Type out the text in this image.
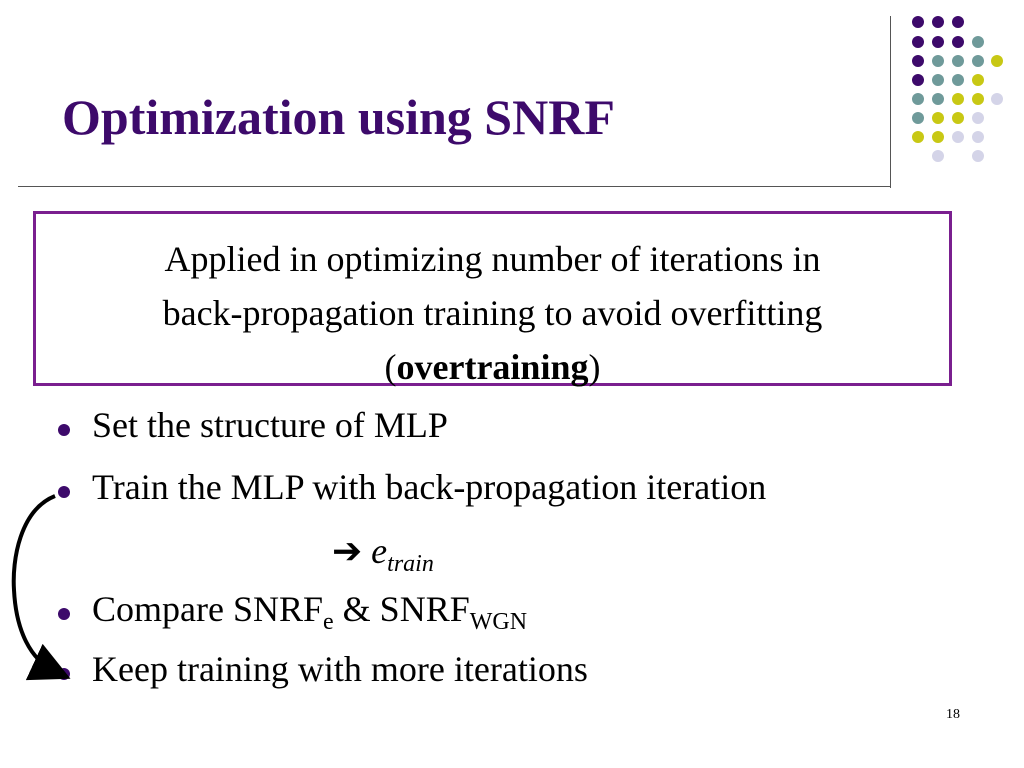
Optimization using SNRF
Applied in optimizing number of iterations in
back-propagation training to avoid overfitting
(overtraining)
Set the structure of MLP
Train the MLP with back-propagation iteration
➔ $e_{train}$
Compare $SNRF_e$ & $SNRF_{WGN}$
Keep training with more iterations
18
